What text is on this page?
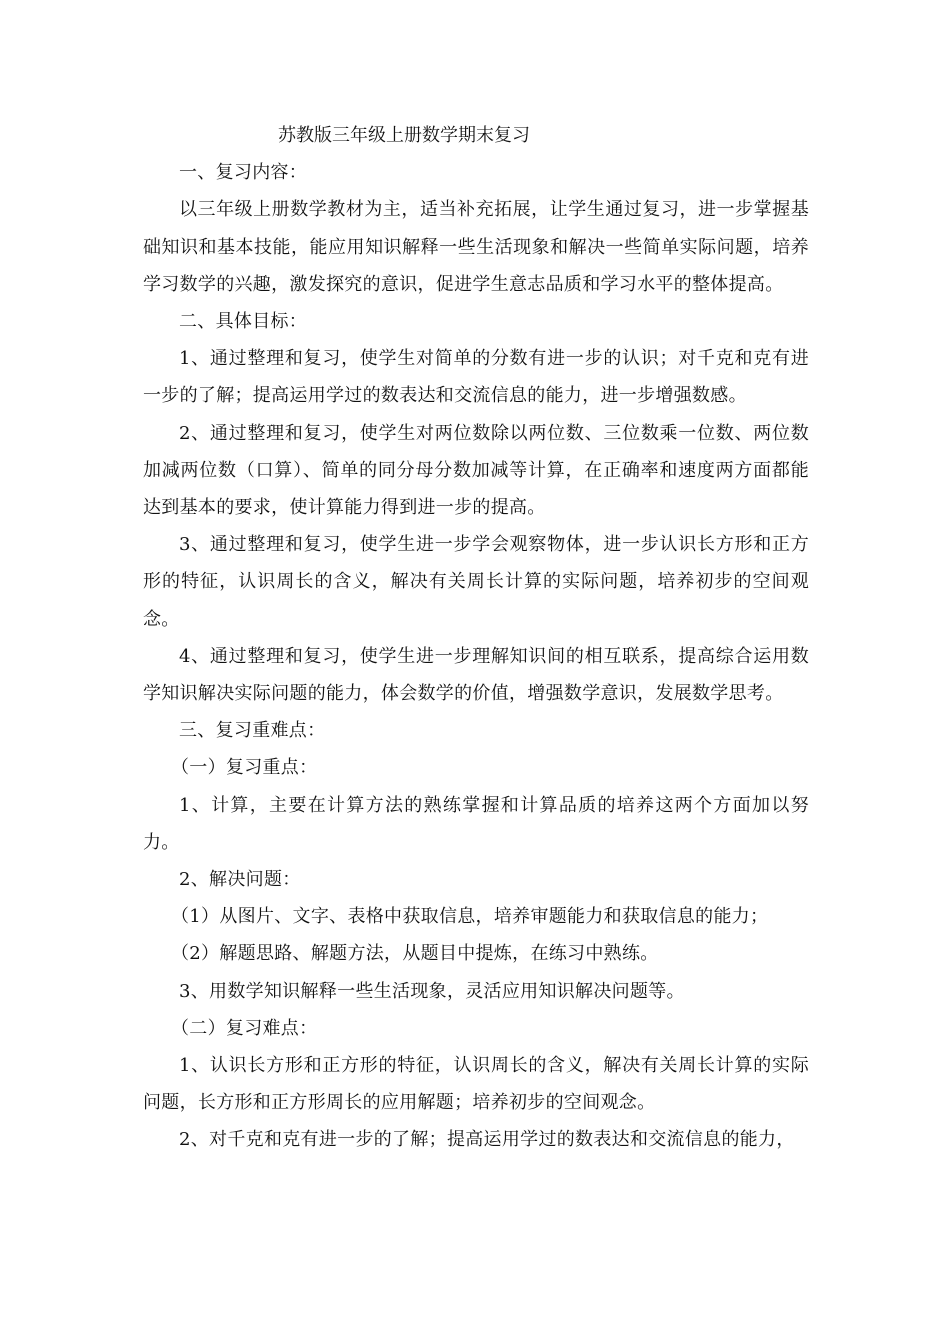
苏教版三年级上册数学期末复习

一、复习内容：

以三年级上册数学教材为主，适当补充拓展，让学生通过复习，进一步掌握基础知识和基本技能，能应用知识解释一些生活现象和解决一些简单实际问题，培养学习数学的兴趣，激发探究的意识，促进学生意志品质和学习水平的整体提高。

二、具体目标：

1、通过整理和复习，使学生对简单的分数有进一步的认识；对千克和克有进一步的了解；提高运用学过的数表达和交流信息的能力，进一步增强数感。

2、通过整理和复习，使学生对两位数除以两位数、三位数乘一位数、两位数加减两位数（口算）、简单的同分母分数加减等计算，在正确率和速度两方面都能达到基本的要求，使计算能力得到进一步的提高。

3、通过整理和复习，使学生进一步学会观察物体，进一步认识长方形和正方形的特征，认识周长的含义，解决有关周长计算的实际问题，培养初步的空间观念。

4、通过整理和复习，使学生进一步理解知识间的相互联系，提高综合运用数学知识解决实际问题的能力，体会数学的价值，增强数学意识，发展数学思考。

三、复习重难点：

（一）复习重点：

1、计算，主要在计算方法的熟练掌握和计算品质的培养这两个方面加以努力。

2、解决问题：

（1）从图片、文字、表格中获取信息，培养审题能力和获取信息的能力；

（2）解题思路、解题方法，从题目中提炼，在练习中熟练。

3、用数学知识解释一些生活现象，灵活应用知识解决问题等。

（二）复习难点：

1、认识长方形和正方形的特征，认识周长的含义，解决有关周长计算的实际问题，长方形和正方形周长的应用解题；培养初步的空间观念。

2、对千克和克有进一步的了解；提高运用学过的数表达和交流信息的能力，
